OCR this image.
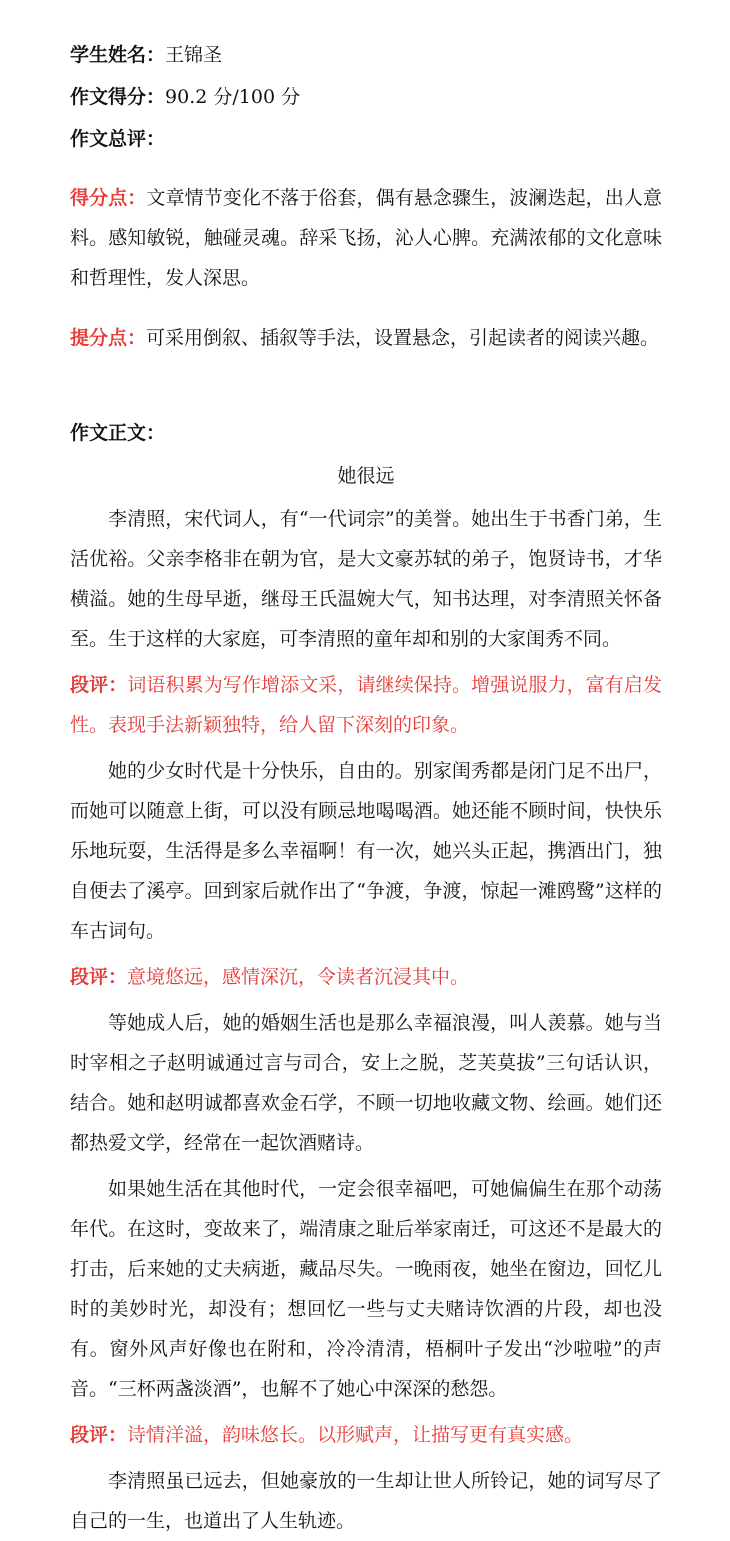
学生姓名：王锦圣

作文得分：90.2 分/100 分

作文总评：

得分点：文章情节变化不落于俗套，偶有悬念骤生，波澜迭起，出人意料。感知敏锐，触碰灵魂。辞采飞扬，沁人心脾。充满浓郁的文化意味和哲理性，发人深思。

提分点：可采用倒叙、插叙等手法，设置悬念，引起读者的阅读兴趣。

作文正文：

她很远

李清照，宋代词人，有“一代词宗”的美誉。她出生于书香门弟，生活优裕。父亲李格非在朝为官，是大文豪苏轼的弟子，饱贤诗书，才华横溢。她的生母早逝，继母王氏温婉大气，知书达理，对李清照关怀备至。生于这样的大家庭，可李清照的童年却和别的大家闺秀不同。

段评：词语积累为写作增添文采，请继续保持。增强说服力，富有启发性。表现手法新颖独特，给人留下深刻的印象。

她的少女时代是十分快乐，自由的。别家闺秀都是闭门足不出尸，而她可以随意上街，可以没有顾忌地喝喝酒。她还能不顾时间，快快乐乐地玩耍，生活得是多么幸福啊！有一次，她兴头正起，携酒出门，独自便去了溪亭。回到家后就作出了“争渡，争渡，惊起一滩鸥鹭”这样的车古词句。

段评：意境悠远，感情深沉，令读者沉浸其中。

等她成人后，她的婚姻生活也是那么幸福浪漫，叫人羡慕。她与当时宰相之子赵明诚通过言与司合，安上之脱，芝芙莫拔”三句话认识，结合。她和赵明诚都喜欢金石学，不顾一切地收藏文物、绘画。她们还都热爱文学，经常在一起饮酒赌诗。

如果她生活在其他时代，一定会很幸福吧，可她偏偏生在那个动荡年代。在这时，变故来了，端清康之耻后举家南迁，可这还不是最大的打击，后来她的丈夫病逝，藏品尽失。一晚雨夜，她坐在窗边，回忆儿时的美妙时光，却没有；想回忆一些与丈夫赌诗饮酒的片段，却也没有。窗外风声好像也在附和，冷冷清清，梧桐叶子发出“沙啦啦”的声音。“三杯两盏淡酒”，也解不了她心中深深的愁怨。

段评：诗情洋溢，韵味悠长。以形赋声，让描写更有真实感。

李清照虽已远去，但她豪放的一生却让世人所铃记，她的词写尽了自己的一生，也道出了人生轨迹。
